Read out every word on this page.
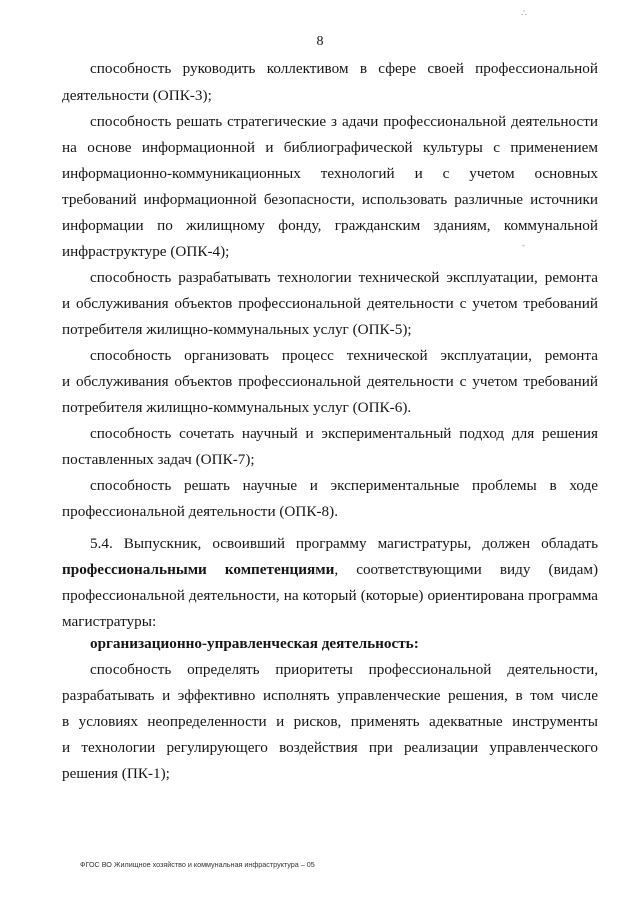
∴
8
способность руководить коллективом в сфере своей профессиональной
деятельности (ОПК-3);
способность решать стратегические з адачи профессиональной деятельности
на основе информационной и библиографической культуры с применением
информационно-коммуникационных технологий и с учетом основных
требований информационной безопасности, использовать различные источники
информации по жилищному фонду, гражданским зданиям, коммунальной
инфраструктуре (ОПК-4);	-
способность разрабатывать технологии технической эксплуатации, ремонта
и обслуживания объектов профессиональной деятельности с учетом требований
потребителя жилищно-коммунальных услуг (ОПК-5);
способность организовать процесс технической эксплуатации, ремонта
и обслуживания объектов профессиональной деятельности с учетом требований
потребителя жилищно-коммунальных услуг (ОПК-6).
способность сочетать научный и экспериментальный подход для решения
поставленных задач (ОПК-7);
способность решать научные и экспериментальные проблемы в ходе
профессиональной деятельности (ОПК-8).
5.4. Выпускник, освоивший программу магистратуры, должен обладать профессиональными компетенциями, соответствующими виду (видам) профессиональной деятельности, на который (которые) ориентирована программа магистратуры:
организационно-управленческая деятельность:
способность определять приоритеты профессиональной деятельности,
разрабатывать и эффективно исполнять управленческие решения, в том числе
в условиях неопределенности и рисков, применять адекватные инструменты
и технологии регулирующего воздействия при реализации управленческого
решения (ПК-1);
ФГОС ВО Жилищное хозяйство и коммунальная инфраструктура – 05
